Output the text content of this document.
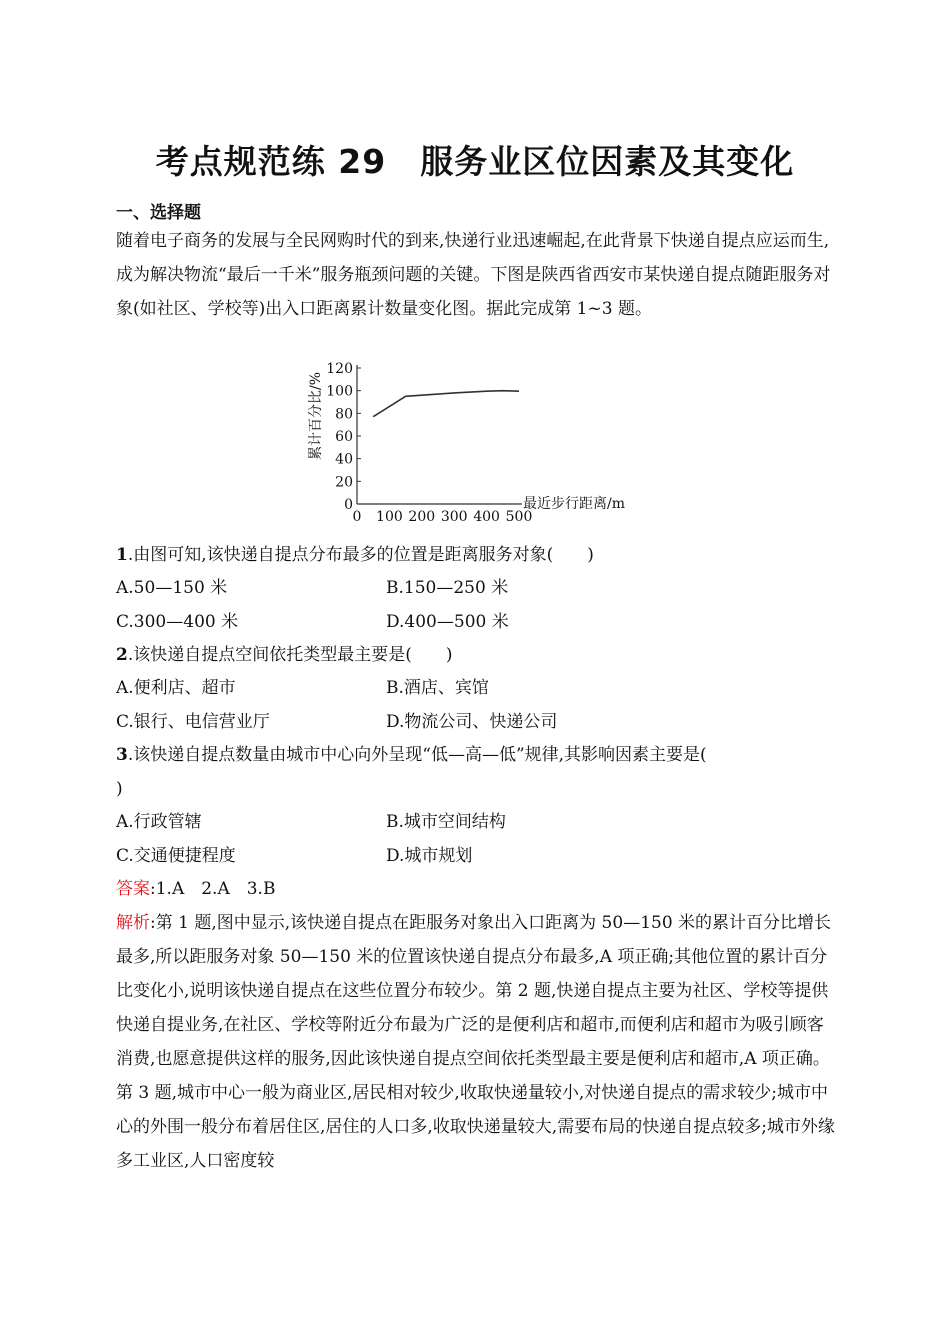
考点规范练 29　服务业区位因素及其变化
一、选择题
随着电子商务的发展与全民网购时代的到来,快递行业迅速崛起,在此背景下快递自提点应运而生,成为解决物流“最后一千米”服务瓶颈问题的关键。下图是陕西省西安市某快递自提点随距服务对象(如社区、学校等)出入口距离累计数量变化图。据此完成第 1~3 题。
0
20
40
60
80
100
120
0 100 200 300 400 500
最近步行距离/m
累计百分比/%
1.由图可知,该快递自提点分布最多的位置是距离服务对象(　　)
A.50—150 米	B.150—250 米
C.300—400 米	D.400—500 米
2.该快递自提点空间依托类型最主要是(　　)
A.便利店、超市	B.酒店、宾馆
C.银行、电信营业厅	D.物流公司、快递公司
3.该快递自提点数量由城市中心向外呈现“低—高—低”规律,其影响因素主要是(
)
A.行政管辖	B.城市空间结构
C.交通便捷程度	D.城市规划
答案:1.A　2.A　3.B
解析:第 1 题,图中显示,该快递自提点在距服务对象出入口距离为 50—150 米的累计百分比增长最多,所以距服务对象 50—150 米的位置该快递自提点分布最多,A 项正确;其他位置的累计百分比变化小,说明该快递自提点在这些位置分布较少。第 2 题,快递自提点主要为社区、学校等提供快递自提业务,在社区、学校等附近分布最为广泛的是便利店和超市,而便利店和超市为吸引顾客消费,也愿意提供这样的服务,因此该快递自提点空间依托类型最主要是便利店和超市,A 项正确。第 3 题,城市中心一般为商业区,居民相对较少,收取快递量较小,对快递自提点的需求较少;城市中心的外围一般分布着居住区,居住的人口多,收取快递量较大,需要布局的快递自提点较多;城市外缘多工业区,人口密度较
